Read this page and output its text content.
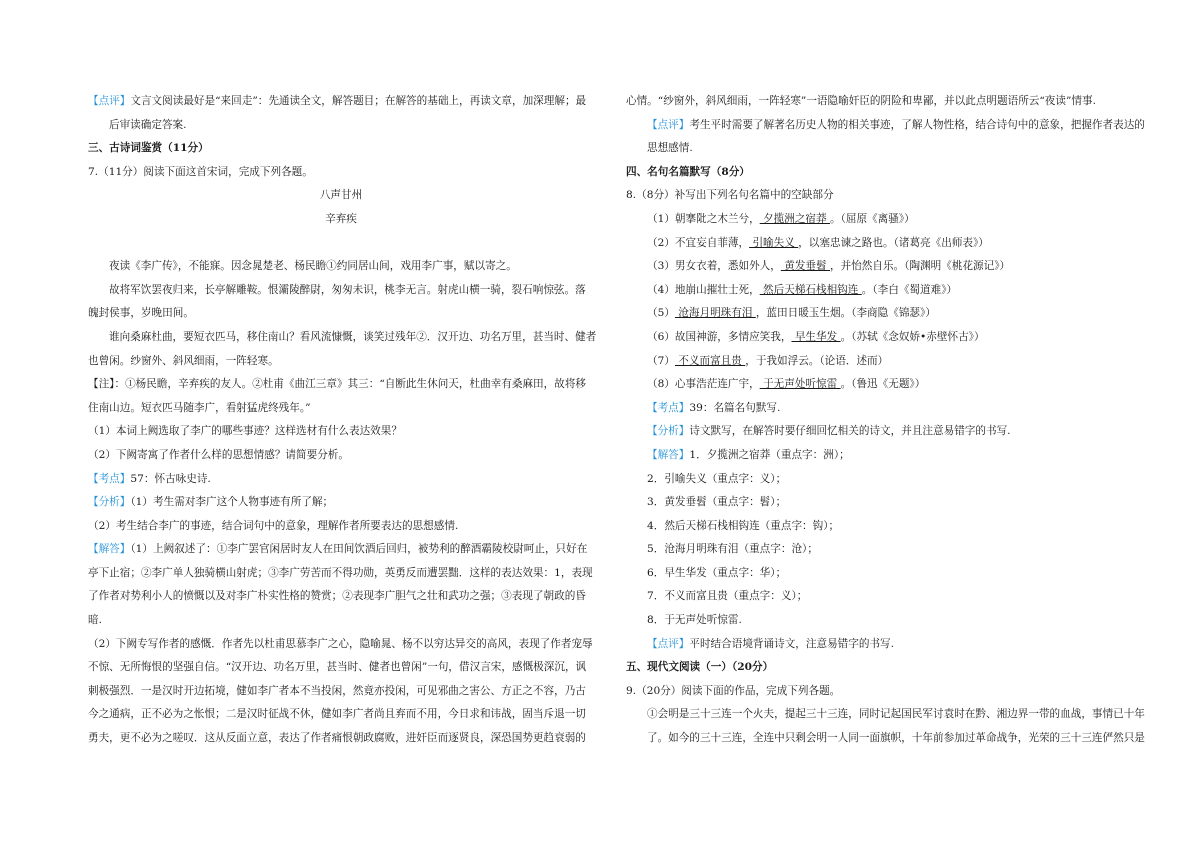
【点评】文言文阅读最好是“来回走”：先通读全文，解答题目；在解答的基础上，再读文章，加深理解；最

后审读确定答案.

三、古诗词鉴赏（11分）

7.（11分）阅读下面这首宋词，完成下列各题。

八声甘州

辛弃疾

夜读《李广传》，不能寐。因念晁楚老、杨民瞻①约同居山间，戏用李广事，赋以寄之。

故将军饮罢夜归来，长亭解雕鞍。恨灞陵醉尉，匆匆未识，桃李无言。射虎山横一骑，裂石响惊弦。落

魄封侯事，岁晚田间。

谁向桑麻杜曲，要短衣匹马，移住南山？看风流慷慨，谈笑过残年②．汉开边、功名万里，甚当时、健者

也曾闲。纱窗外、斜风细雨，一阵轻寒。

【注】：①杨民瞻，辛弃疾的友人。②杜甫《曲江三章》其三：“自断此生休问天，杜曲幸有桑麻田，故将移

住南山边。短衣匹马随李广，看射猛虎终残年。”

（1）本词上阙选取了李广的哪些事迹？这样选材有什么表达效果？

（2）下阙寄寓了作者什么样的思想情感？请简要分析。

【考点】57：怀古咏史诗.

【分析】（1）考生需对李广这个人物事迹有所了解；

（2）考生结合李广的事迹，结合词句中的意象，理解作者所要表达的思想感情.

【解答】（1）上阙叙述了：①李广罢官闲居时友人在田间饮酒后回归，被势利的醉酒霸陵校尉呵止，只好在

亭下止宿；②李广单人独骑横山射虎；③李广劳苦而不得功勋，英勇反而遭罢黜．这样的表达效果：1，表现

了作者对势利小人的愤慨以及对李广朴实性格的赞赏；②表现李广胆气之壮和武功之强；③表现了朝政的昏

暗.

（2）下阙专写作者的感慨．作者先以杜甫思慕李广之心，隐喻晁、杨不以穷达异交的高风，表现了作者宠辱

不惊、无所悔恨的坚强自信。“汉开边、功名万里，甚当时、健者也曾闲”一句，借汉言宋，感慨极深沉，讽

刺极强烈．一是汉时开边拓境，健如李广者本不当投闲，然竟亦投闲，可见邪曲之害公、方正之不容，乃古

今之通病，正不必为之怅恨；二是汉时征战不休，健如李广者尚且弃而不用，今日求和讳战，固当斥退一切

勇夫，更不必为之嗟叹．这从反面立意，表达了作者痛恨朝政腐败，进奸臣而逐贤良，深恐国势更趋衰弱的

心情。“纱窗外，斜风细雨，一阵轻寒”一语隐喻奸臣的阴险和卑鄙，并以此点明题语所云“夜读”情事.

【点评】考生平时需要了解著名历史人物的相关事迹，了解人物性格，结合诗句中的意象，把握作者表达的

思想感情.

四、名句名篇默写（8分）

8.（8分）补写出下列名句名篇中的空缺部分

（1）朝搴阰之木兰兮， 夕揽洲之宿莽 。（屈原《离骚》）

（2）不宜妄自菲薄， 引喻失义 ，以塞忠谏之路也。（诸葛亮《出师表》）

（3）男女衣着，悉如外人， 黄发垂髫 ，并怡然自乐。（陶渊明《桃花源记》）

（4）地崩山摧壮士死， 然后天梯石栈相钩连 。（李白《蜀道难》）

（5） 沧海月明珠有泪 ，蓝田日暖玉生烟。（李商隐《锦瑟》）

（6）故国神游，多情应笑我， 早生华发 。（苏轼《念奴娇•赤壁怀古》）

（7） 不义而富且贵 ，于我如浮云。（论语．述而）

（8）心事浩茫连广宇， 于无声处听惊雷 。（鲁迅《无题》）

【考点】39：名篇名句默写.

【分析】诗文默写，在解答时要仔细回忆相关的诗文，并且注意易错字的书写.

【解答】1．夕揽洲之宿莽（重点字：洲）；

2．引喻失义（重点字：义）；

3．黄发垂髫（重点字：髫）；

4．然后天梯石栈相钩连（重点字：钩）；

5．沧海月明珠有泪（重点字：沧）；

6．早生华发（重点字：华）；

7．不义而富且贵（重点字：义）；

8．于无声处听惊雷.

【点评】平时结合语境背诵诗文，注意易错字的书写.

五、现代文阅读（一）（20分）

9.（20分）阅读下面的作品，完成下列各题。

①会明是三十三连一个火夫，提起三十三连，同时记起国民军讨袁时在黔、湘边界一带的血战，事情已十年

了。如今的三十三连，全连中只剩会明一人同一面旗帜，十年前参加过革命战争，光荣的三十三连俨然只是
